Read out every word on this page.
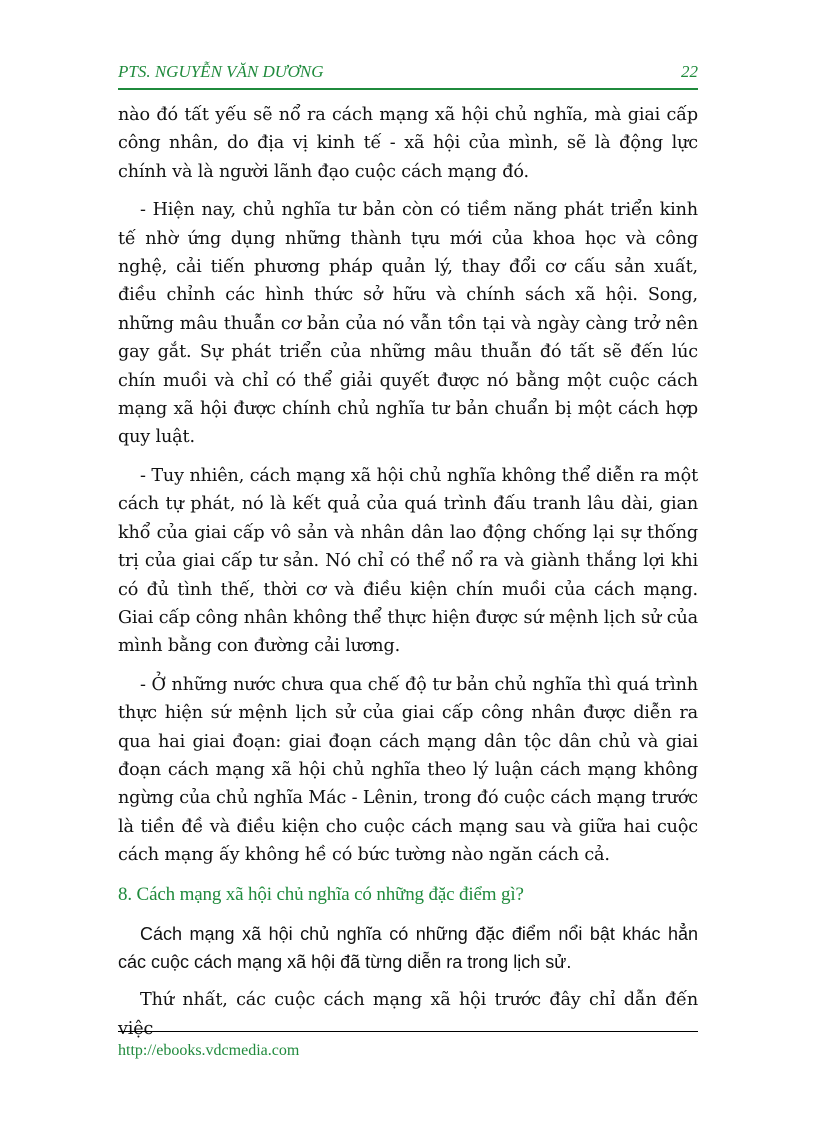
PTS. NGUYỄN VĂN DƯƠNG	22

nào đó tất yếu sẽ nổ ra cách mạng xã hội chủ nghĩa, mà giai cấp công nhân, do địa vị kinh tế - xã hội của mình, sẽ là động lực chính và là người lãnh đạo cuộc cách mạng đó.

- Hiện nay, chủ nghĩa tư bản còn có tiềm năng phát triển kinh tế nhờ ứng dụng những thành tựu mới của khoa học và công nghệ, cải tiến phương pháp quản lý, thay đổi cơ cấu sản xuất, điều chỉnh các hình thức sở hữu và chính sách xã hội. Song, những mâu thuẫn cơ bản của nó vẫn tồn tại và ngày càng trở nên gay gắt. Sự phát triển của những mâu thuẫn đó tất sẽ đến lúc chín muồi và chỉ có thể giải quyết được nó bằng một cuộc cách mạng xã hội được chính chủ nghĩa tư bản chuẩn bị một cách hợp quy luật.

- Tuy nhiên, cách mạng xã hội chủ nghĩa không thể diễn ra một cách tự phát, nó là kết quả của quá trình đấu tranh lâu dài, gian khổ của giai cấp vô sản và nhân dân lao động chống lại sự thống trị của giai cấp tư sản. Nó chỉ có thể nổ ra và giành thắng lợi khi có đủ tình thế, thời cơ và điều kiện chín muồi của cách mạng. Giai cấp công nhân không thể thực hiện được sứ mệnh lịch sử của mình bằng con đường cải lương.

- Ở những nước chưa qua chế độ tư bản chủ nghĩa thì quá trình thực hiện sứ mệnh lịch sử của giai cấp công nhân được diễn ra qua hai giai đoạn: giai đoạn cách mạng dân tộc dân chủ và giai đoạn cách mạng xã hội chủ nghĩa theo lý luận cách mạng không ngừng của chủ nghĩa Mác - Lênin, trong đó cuộc cách mạng trước là tiền đề và điều kiện cho cuộc cách mạng sau và giữa hai cuộc cách mạng ấy không hề có bức tường nào ngăn cách cả.

8. Cách mạng xã hội chủ nghĩa có những đặc điểm gì?

Cách mạng xã hội chủ nghĩa có những đặc điểm nổi bật khác hẳn các cuộc cách mạng xã hội đã từng diễn ra trong lịch sử.

Thứ nhất, các cuộc cách mạng xã hội trước đây chỉ dẫn đến việc

http://ebooks.vdcmedia.com
